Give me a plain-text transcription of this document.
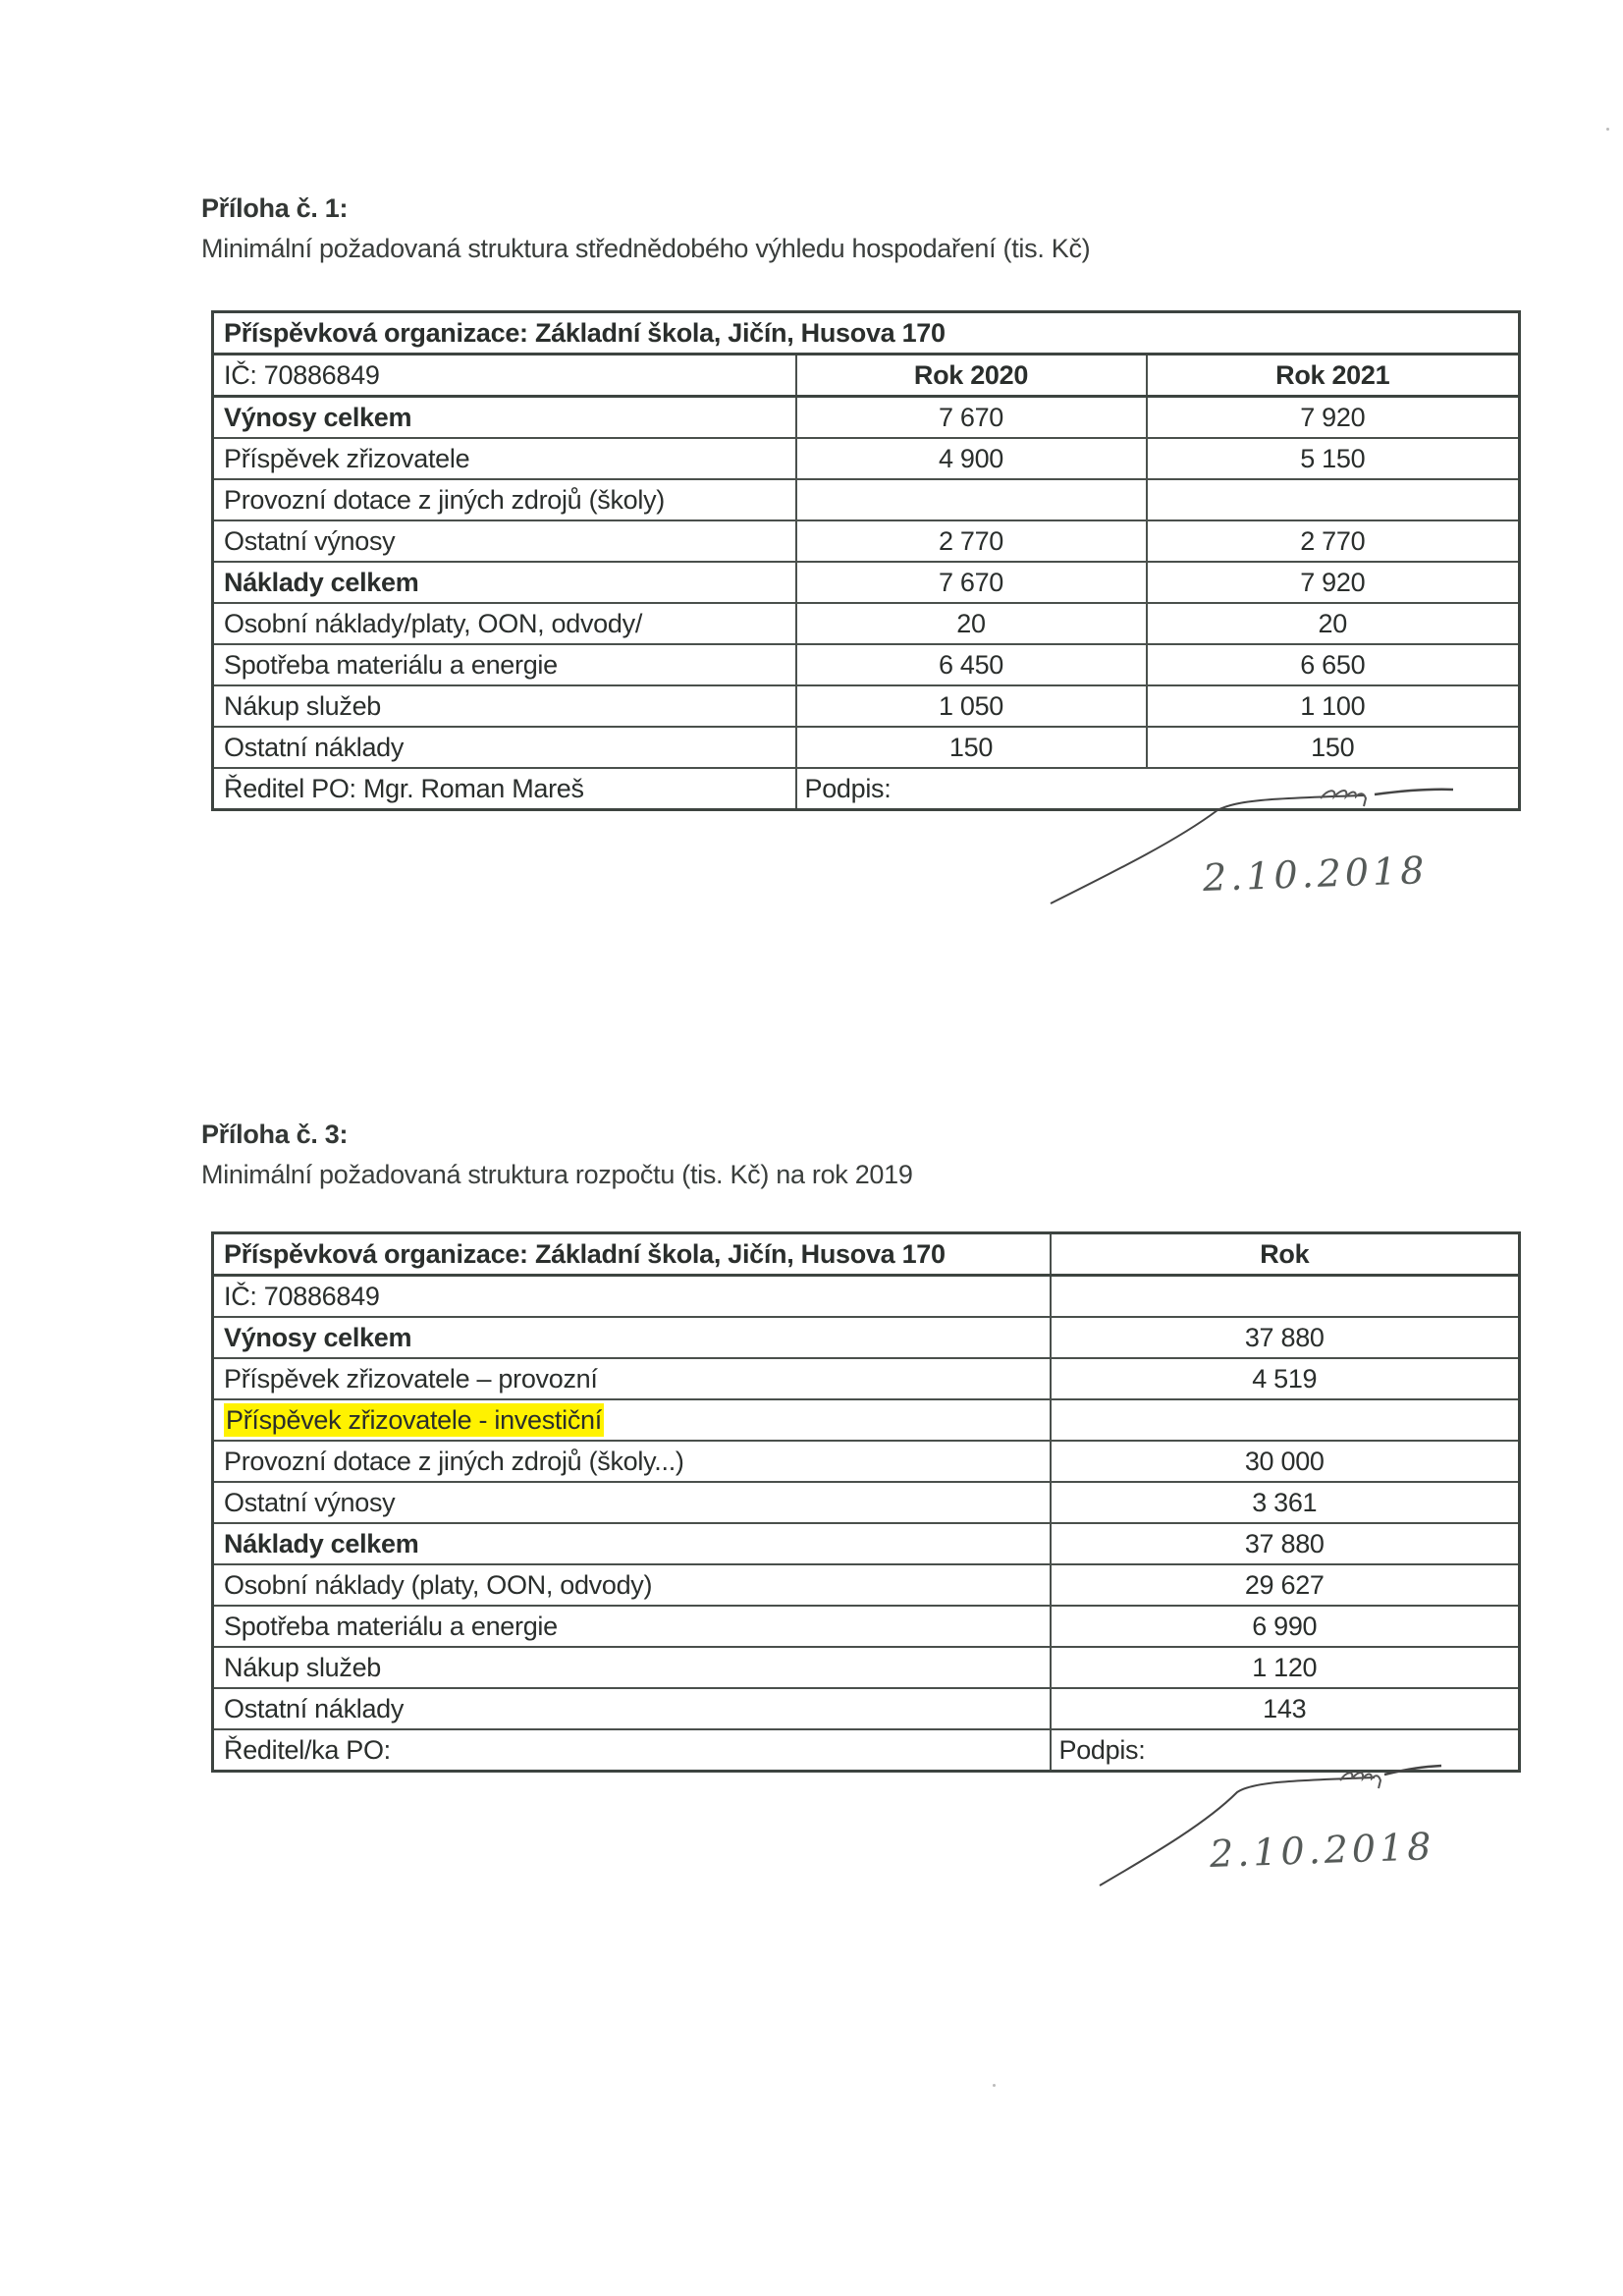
Příloha č. 1:
Minimální požadovaná struktura střednědobého výhledu hospodaření (tis. Kč)
Příspěvková organizace: Základní škola, Jičín, Husova 170		
IČ: 70886849	Rok 2020	Rok 2021
Výnosy celkem	7 670	7 920
Příspěvek zřizovatele	4 900	5 150
Provozní dotace z jiných zdrojů (školy)		
Ostatní výnosy	2 770	2 770
Náklady celkem	7 670	7 920
Osobní náklady/platy, OON, odvody/	20	20
Spotřeba materiálu a energie	6 450	6 650
Nákup služeb	1 050	1 100
Ostatní náklady	150	150
Ředitel PO: Mgr. Roman Mareš	Podpis:	
2.10.2018
Příloha č. 3:
Minimální požadovaná struktura rozpočtu (tis. Kč) na rok 2019
Příspěvková organizace: Základní škola, Jičín, Husova 170	Rok
IČ: 70886849	
Výnosy celkem	37 880
Příspěvek zřizovatele – provozní	4 519
Příspěvek zřizovatele - investiční	
Provozní dotace z jiných zdrojů (školy...)	30 000
Ostatní výnosy	3 361
Náklady celkem	37 880
Osobní náklady (platy, OON, odvody)	29 627
Spotřeba materiálu a energie	6 990
Nákup služeb	1 120
Ostatní náklady	143
Ředitel/ka PO:	Podpis:
2.10.2018
